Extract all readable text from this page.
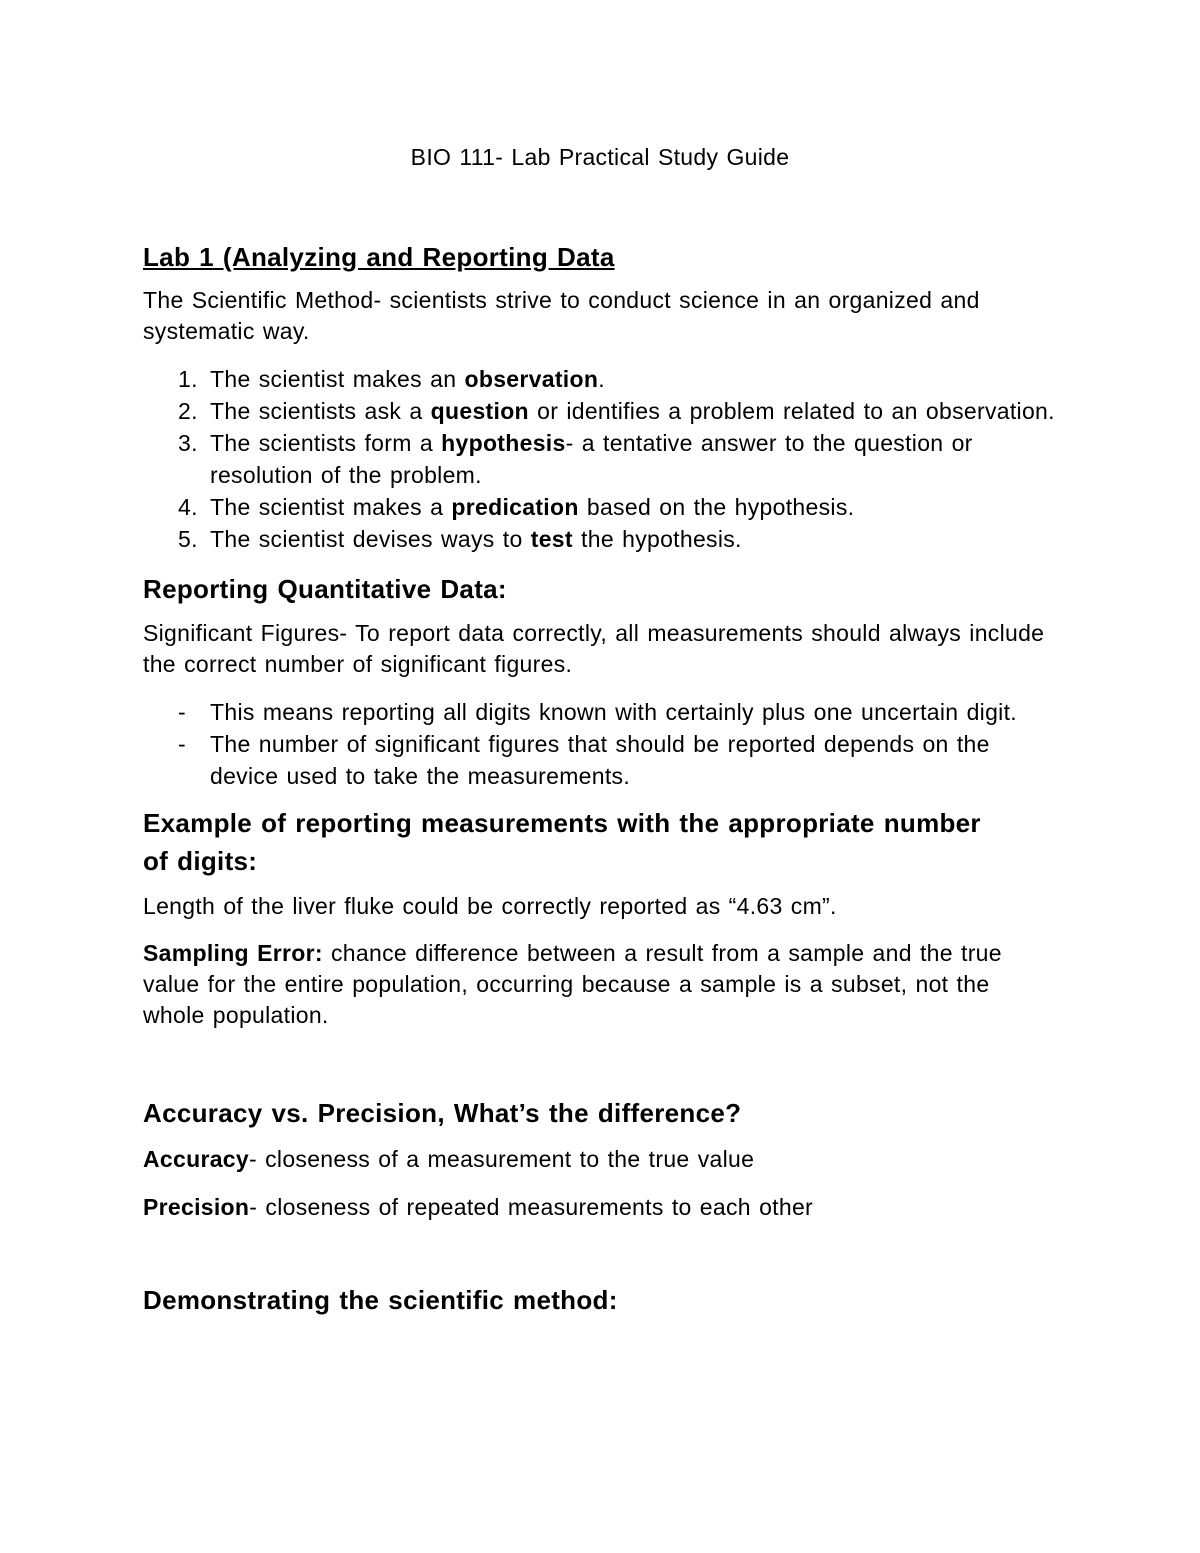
BIO 111- Lab Practical Study Guide

Lab 1 (Analyzing and Reporting Data

The Scientific Method- scientists strive to conduct science in an organized and systematic way.

1. The scientist makes an observation.
2. The scientists ask a question or identifies a problem related to an observation.
3. The scientists form a hypothesis- a tentative answer to the question or resolution of the problem.
4. The scientist makes a predication based on the hypothesis.
5. The scientist devises ways to test the hypothesis.
Reporting Quantitative Data:

Significant Figures- To report data correctly, all measurements should always include the correct number of significant figures.

-	This means reporting all digits known with certainly plus one uncertain digit.
-	The number of significant figures that should be reported depends on the device used to take the measurements.
Example of reporting measurements with the appropriate number of digits:

Length of the liver fluke could be correctly reported as “4.63 cm”.

Sampling Error: chance difference between a result from a sample and the true value for the entire population, occurring because a sample is a subset, not the whole population.

Accuracy vs. Precision, What’s the difference?

Accuracy- closeness of a measurement to the true value

Precision- closeness of repeated measurements to each other

Demonstrating the scientific method:
